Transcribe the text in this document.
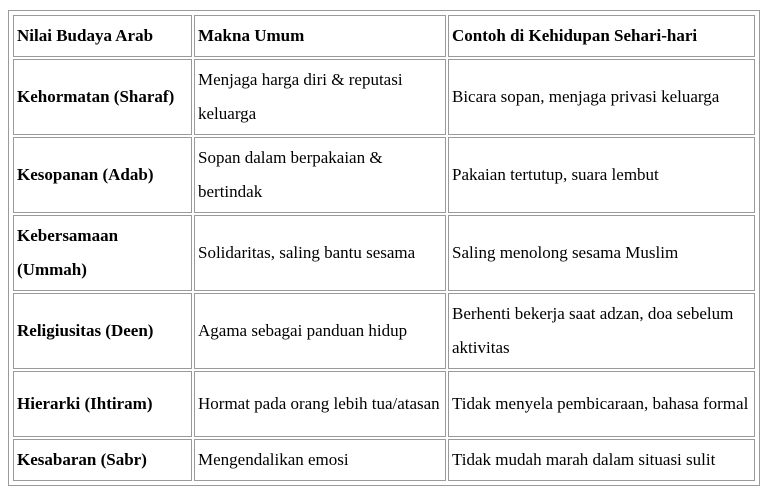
Nilai Budaya Arab	Makna Umum	Contoh di Kehidupan Sehari-hari
Kehormatan (Sharaf)	Menjaga harga diri & reputasi keluarga	Bicara sopan, menjaga privasi keluarga
Kesopanan (Adab)	Sopan dalam berpakaian & bertindak	Pakaian tertutup, suara lembut
Kebersamaan (Ummah)	Solidaritas, saling bantu sesama	Saling menolong sesama Muslim
Religiusitas (Deen)	Agama sebagai panduan hidup	Berhenti bekerja saat adzan, doa sebelum aktivitas
Hierarki (Ihtiram)	Hormat pada orang lebih tua/atasan	Tidak menyela pembicaraan, bahasa formal
Kesabaran (Sabr)	Mengendalikan emosi	Tidak mudah marah dalam situasi sulit
